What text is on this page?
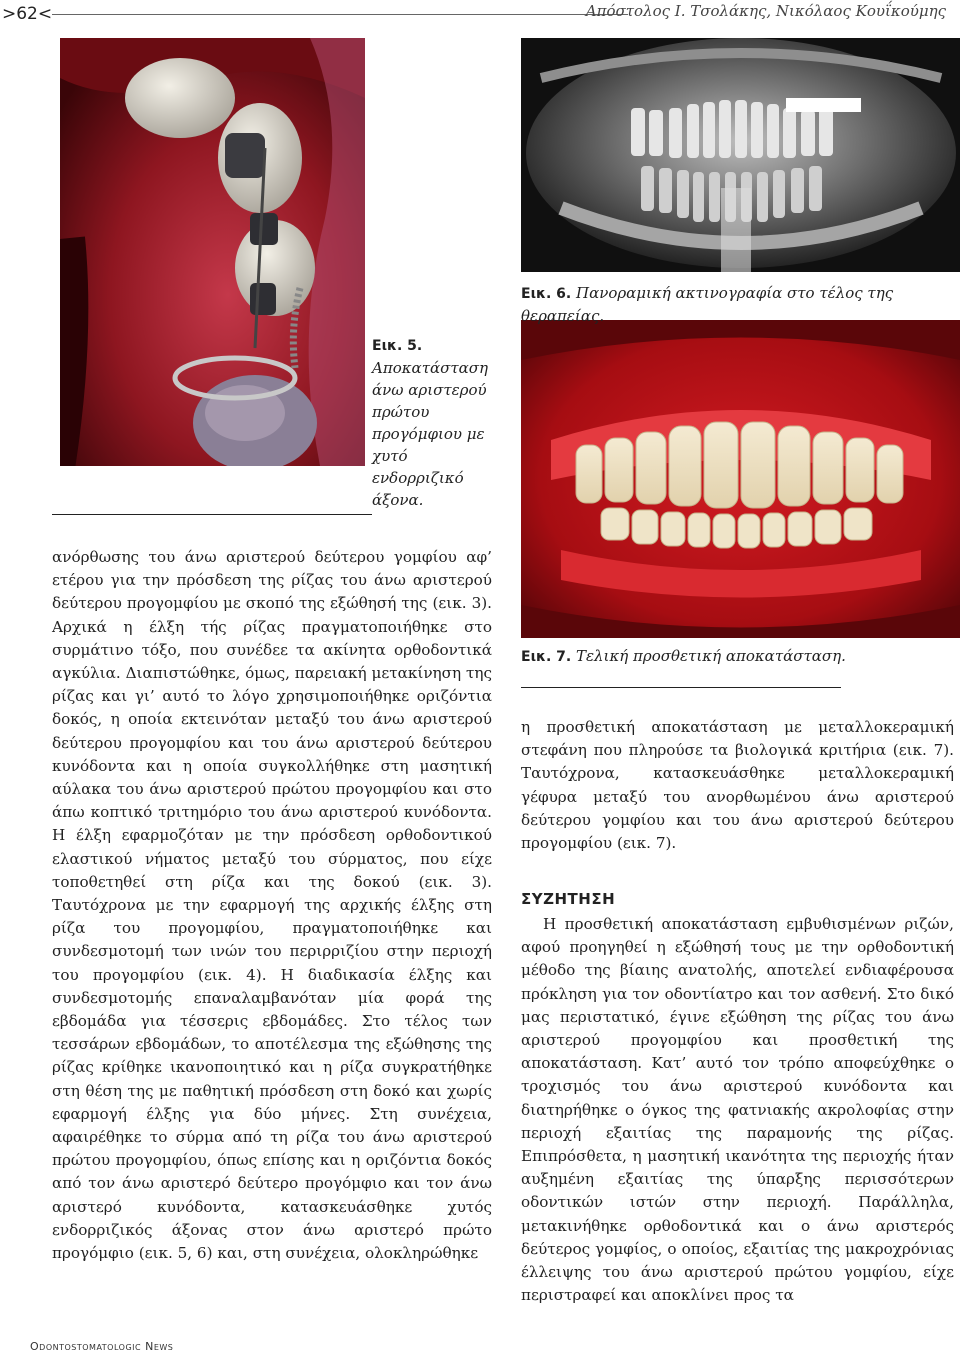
>62<	Απόστολος Ι. Τσολάκης, Νικόλαος Κουΐκούμης
Εικ. 5. Αποκατάσταση άνω αριστερού πρώτου προγόμφιου με χυτό ενδορριζικό άξονα.
Εικ. 6. Πανοραμική ακτινογραφία στο τέλος της θεραπείας.
Εικ. 7. Τελική προσθετική αποκατάσταση.
ανόρθωσης του άνω αριστερού δεύτερου γομφίου αφ’ ετέρου για την πρόσδεση της ρίζας του άνω αριστερού δεύτερου προγομφίου με σκοπό της εξώθησή της (εικ. 3). Αρχικά η έλξη τής ρίζας πραγματοποιήθηκε στο συρμάτινο τόξο, που συνέδεε τα ακίνητα ορθοδοντικά αγκύλια. Διαπιστώθηκε, όμως, παρειακή μετακίνηση της ρίζας και γι’ αυτό το λόγο χρησιμοποιήθηκε οριζόντια δοκός, η οποία εκτεινόταν μεταξύ του άνω αριστερού δεύτερου προγομφίου και του άνω αριστερού δεύτερου κυνόδοντα και η οποία συγκολλήθηκε στη μασητική αύλακα του άνω αριστερού πρώτου προγομφίου και στο άπω κοπτικό τριτημόριο του άνω αριστερού κυνόδοντα. Η έλξη εφαρμοζόταν με την πρόσδεση ορθοδοντικού ελαστικού νήματος μεταξύ του σύρματος, που είχε τοποθετηθεί στη ρίζα και της δοκού (εικ. 3). Ταυτόχρονα με την εφαρμογή της αρχικής έλξης στη ρίζα του προγομφίου, πραγματοποιήθηκε και συνδεσμοτομή των ινών του περιρριζίου στην περιοχή του προγομφίου (εικ. 4). Η διαδικασία έλξης και συνδεσμοτομής επαναλαμβανόταν μία φορά της εβδομάδα για τέσσερις εβδομάδες. Στο τέλος των τεσσάρων εβδομάδων, το αποτέλεσμα της εξώθησης της ρίζας κρίθηκε ικανοποιητικό και η ρίζα συγκρατήθηκε στη θέση της με παθητική πρόσδεση στη δοκό και χωρίς εφαρμογή έλξης για δύο μήνες. Στη συνέχεια, αφαιρέθηκε το σύρμα από τη ρίζα του άνω αριστερού πρώτου προγομφίου, όπως επίσης και η οριζόντια δοκός από τον άνω αριστερό δεύτερο προγόμφιο και τον άνω αριστερό κυνόδοντα, κατασκευάσθηκε χυτός ενδορριζικός άξονας στον άνω αριστερό πρώτο προγόμφιο (εικ. 5, 6) και, στη συνέχεια, ολοκληρώθηκε
η προσθετική αποκατάσταση με μεταλλοκεραμική στεφάνη που πληρούσε τα βιολογικά κριτήρια (εικ. 7). Ταυτόχρονα, κατασκευάσθηκε μεταλλοκεραμική γέφυρα μεταξύ του ανορθωμένου άνω αριστερού δεύτερου γομφίου και του άνω αριστερού δεύτερου προγομφίου (εικ. 7).
ΣΥΖΗΤΗΣΗ
Η προσθετική αποκατάσταση εμβυθισμένων ριζών, αφού προηγηθεί η εξώθησή τους με την ορθοδοντική μέθοδο της βίαιης ανατολής, αποτελεί ενδιαφέρουσα πρόκληση για τον οδοντίατρο και τον ασθενή. Στο δικό μας περιστατικό, έγινε εξώθηση της ρίζας του άνω αριστερού προγομφίου και προσθετική της αποκατάσταση. Κατ’ αυτό τον τρόπο αποφεύχθηκε ο τροχισμός του άνω αριστερού κυνόδοντα και διατηρήθηκε ο όγκος της φατνιακής ακρολοφίας στην περιοχή εξαιτίας της παραμονής της ρίζας. Επιπρόσθετα, η μασητική ικανότητα της περιοχής ήταν αυξημένη εξαιτίας της ύπαρξης περισσότερων οδοντικών ιστών στην περιοχή. Παράλληλα, μετακινήθηκε ορθοδοντικά και ο άνω αριστερός δεύτερος γομφίος, ο οποίος, εξαιτίας της μακροχρόνιας έλλειψης του άνω αριστερού πρώτου γομφίου, είχε περιστραφεί και αποκλίνει προς τα
Odontostomatologic News
